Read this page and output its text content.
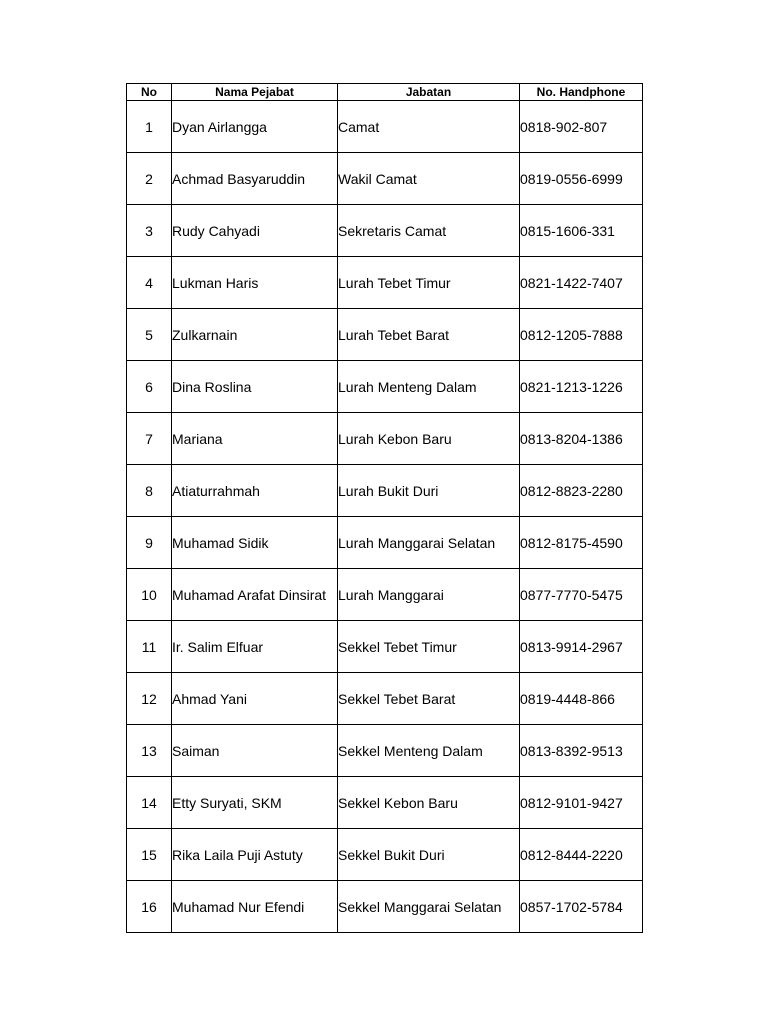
No	Nama Pejabat	Jabatan	No. Handphone
1	Dyan Airlangga	Camat	0818-902-807
2	Achmad Basyaruddin	Wakil Camat	0819-0556-6999
3	Rudy Cahyadi	Sekretaris Camat	0815-1606-331
4	Lukman Haris	Lurah Tebet Timur	0821-1422-7407
5	Zulkarnain	Lurah Tebet Barat	0812-1205-7888
6	Dina Roslina	Lurah Menteng Dalam	0821-1213-1226
7	Mariana	Lurah Kebon Baru	0813-8204-1386
8	Atiaturrahmah	Lurah Bukit Duri	0812-8823-2280
9	Muhamad Sidik	Lurah Manggarai Selatan	0812-8175-4590
10	Muhamad Arafat Dinsirat	Lurah Manggarai	0877-7770-5475
11	Ir. Salim Elfuar	Sekkel Tebet Timur	0813-9914-2967
12	Ahmad Yani	Sekkel Tebet Barat	0819-4448-866
13	Saiman	Sekkel Menteng Dalam	0813-8392-9513
14	Etty Suryati, SKM	Sekkel Kebon Baru	0812-9101-9427
15	Rika Laila Puji Astuty	Sekkel Bukit Duri	0812-8444-2220
16	Muhamad Nur Efendi	Sekkel Manggarai Selatan	0857-1702-5784
